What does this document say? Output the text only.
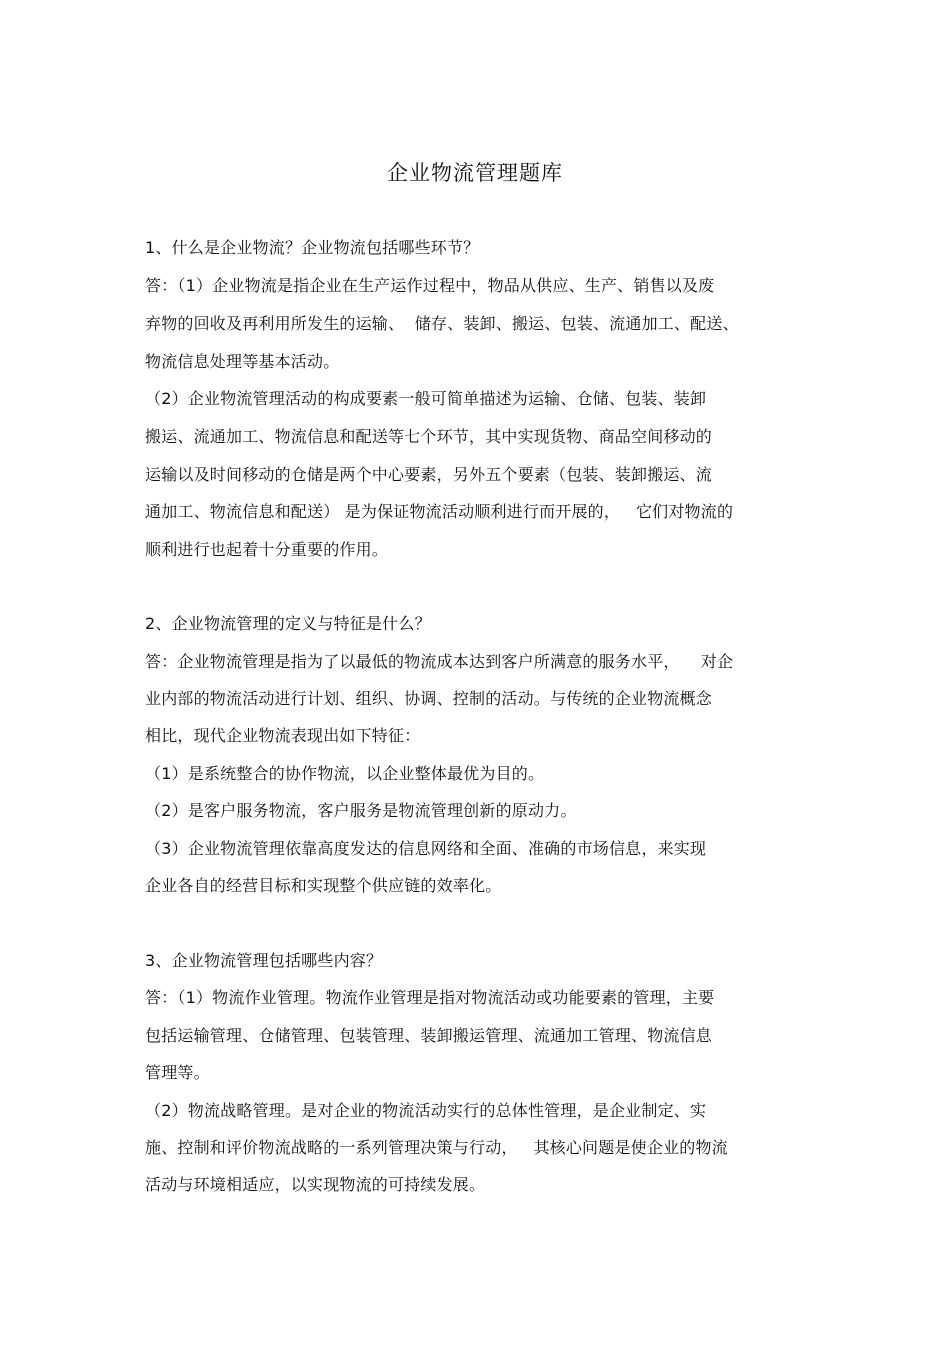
企业物流管理题库
1、什么是企业物流？企业物流包括哪些环节？
答：（1）企业物流是指企业在生产运作过程中，物品从供应、生产、销售以及废
弃物的回收及再利用所发生的运输、  储存、装卸、搬运、包装、流通加工、配送、
物流信息处理等基本活动。
（2）企业物流管理活动的构成要素一般可简单描述为运输、仓储、包装、装卸
搬运、流通加工、物流信息和配送等七个环节，其中实现货物、商品空间移动的
运输以及时间移动的仓储是两个中心要素，另外五个要素（包装、装卸搬运、流
通加工、物流信息和配送） 是为保证物流活动顺利进行而开展的，   它们对物流的
顺利进行也起着十分重要的作用。
2、企业物流管理的定义与特征是什么？
答：企业物流管理是指为了以最低的物流成本达到客户所满意的服务水平，    对企
业内部的物流活动进行计划、组织、协调、控制的活动。与传统的企业物流概念
相比，现代企业物流表现出如下特征：
（1）是系统整合的协作物流，以企业整体最优为目的。
（2）是客户服务物流，客户服务是物流管理创新的原动力。
（3）企业物流管理依靠高度发达的信息网络和全面、准确的市场信息，来实现
企业各自的经营目标和实现整个供应链的效率化。
3、企业物流管理包括哪些内容？
答：（1）物流作业管理。物流作业管理是指对物流活动或功能要素的管理，主要
包括运输管理、仓储管理、包装管理、装卸搬运管理、流通加工管理、物流信息
管理等。
（2）物流战略管理。是对企业的物流活动实行的总体性管理，是企业制定、实
施、控制和评价物流战略的一系列管理决策与行动，   其核心问题是使企业的物流
活动与环境相适应，以实现物流的可持续发展。
